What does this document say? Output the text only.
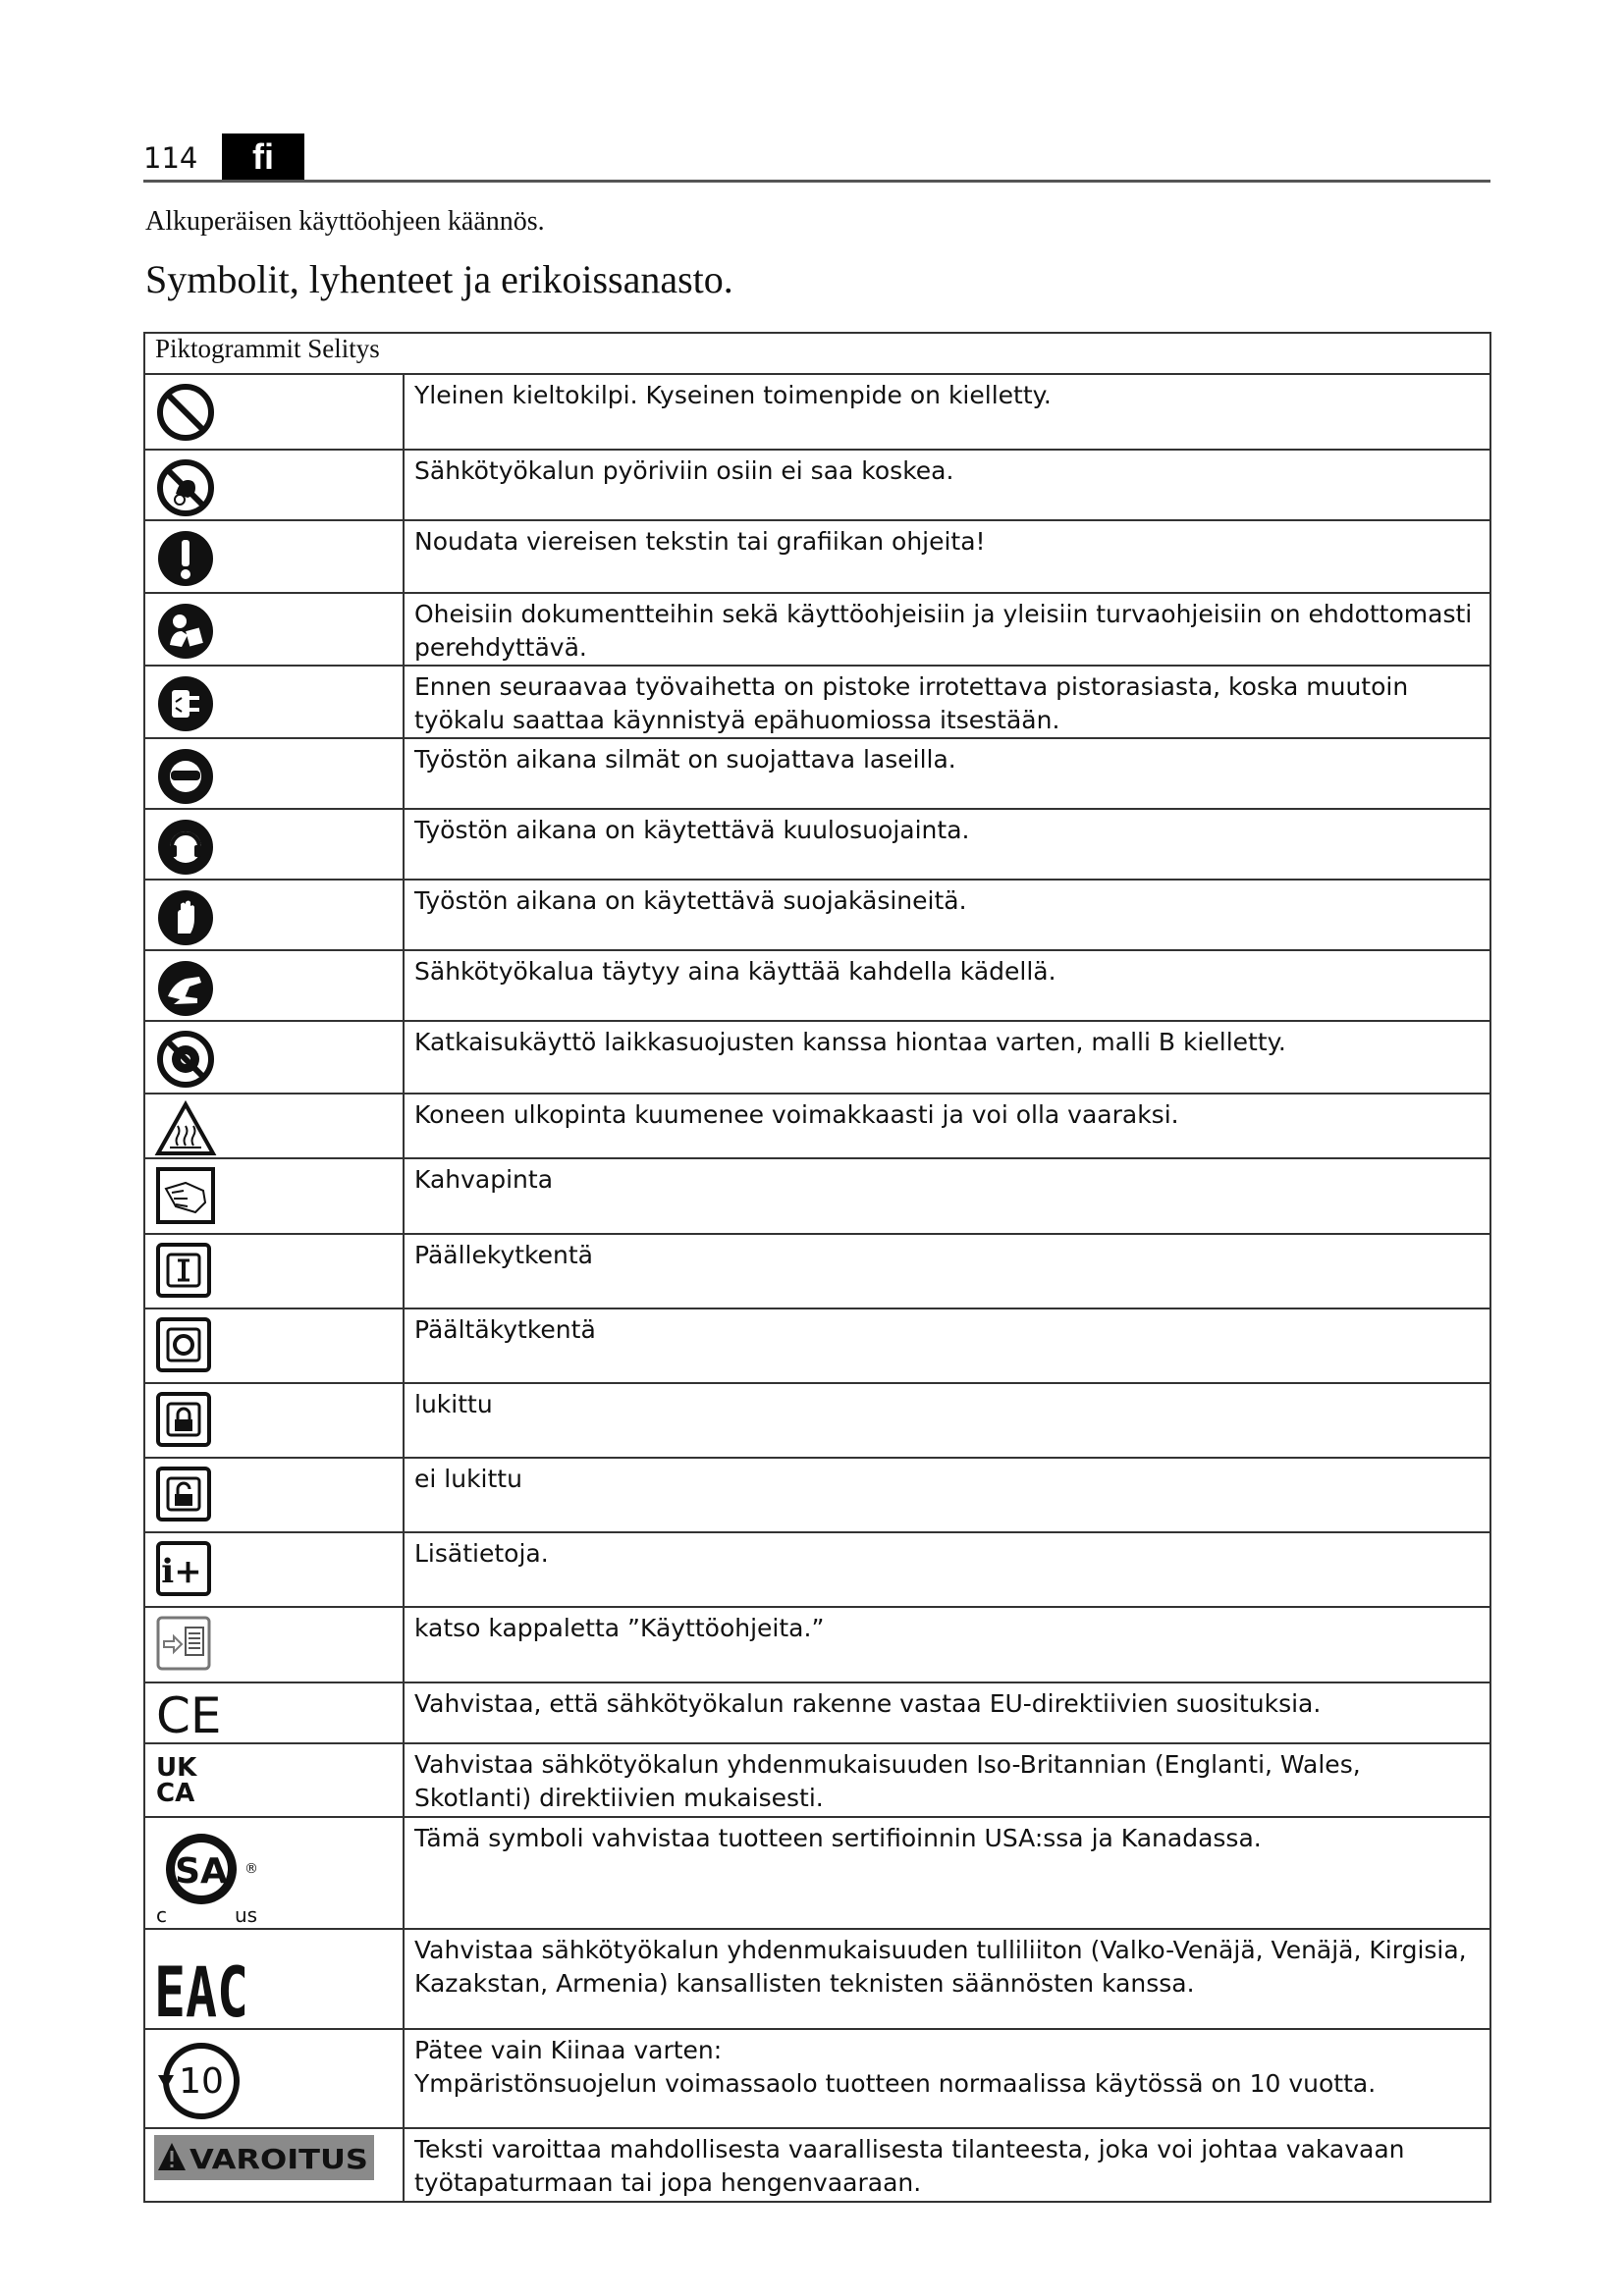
114	fi
Alkuperäisen käyttöohjeen käännös.
Symbolit, lyhenteet ja erikoissanasto.
Piktogrammit Selitys	

	Yleinen kieltokilpi. Kyseinen toimenpide on kielletty.

	Sähkötyökalun pyöriviin osiin ei saa koskea.

	Noudata viereisen tekstin tai grafiikan ohjeita!

	Oheisiin dokumentteihin sekä käyttöohjeisiin ja yleisiin turvaohjeisiin on ehdottomasti perehdyttävä.

	Ennen seuraavaa työvaihetta on pistoke irrotettava pistorasiasta, koska muutoin työkalu saattaa käynnistyä epähuomiossa itsestään.

	Työstön aikana silmät on suojattava laseilla.

	Työstön aikana on käytettävä kuulosuojainta.

	Työstön aikana on käytettävä suojakäsineitä.

	Sähkötyökalua täytyy aina käyttää kahdella kädellä.

	Katkaisukäyttö laikkasuojusten kanssa hiontaa varten, malli B kielletty.

	Koneen ulkopinta kuumenee voimakkaasti ja voi olla vaaraksi.

	Kahvapinta

	Päällekytkentä

	Päältäkytkentä

	lukittu

	ei lukittu

i+	Lisätietoja.

	katso kappaletta ”Käyttöohjeita.”

CE	Vahvistaa, että sähkötyökalun rakenne vastaa EU-direktiivien suosituksia.

UK
CA	Vahvistaa sähkötyökalun yhdenmukaisuuden Iso-Britannian (Englanti, Wales, Skotlanti) direktiivien mukaisesti.

SA ®
c us	Tämä symboli vahvistaa tuotteen sertifioinnin USA:ssa ja Kanadassa.

EAC	Vahvistaa sähkötyökalun yhdenmukaisuuden tulliliiton (Valko-Venäjä, Venäjä, Kirgisia, Kazakstan, Armenia) kansallisten teknisten säännösten kanssa.

10	Pätee vain Kiinaa varten:
Ympäristönsuojelun voimassaolo tuotteen normaalissa käytössä on 10 vuotta.

VAROITUS	Teksti varoittaa mahdollisesta vaarallisesta tilanteesta, joka voi johtaa vakavaan työtapaturmaan tai jopa hengenvaaraan.
